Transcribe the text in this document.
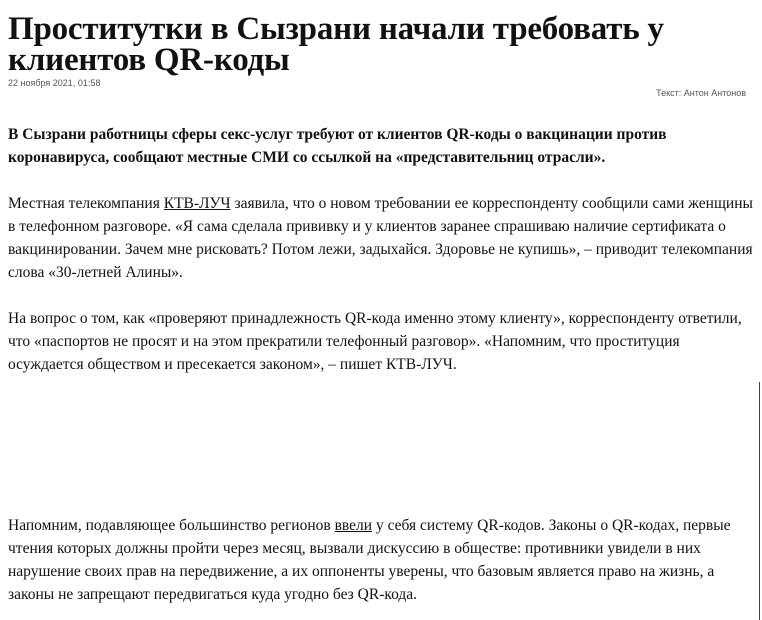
Проститутки в Сызрани начали требовать у клиентов QR-коды
22 ноября 2021, 01:58
Текст: Антон Антонов

В Сызрани работницы сферы секс-услуг требуют от клиентов QR-коды о вакцинации против коронавируса, сообщают местные СМИ со ссылкой на «представительниц отрасли».

Местная телекомпания КТВ-ЛУЧ заявила, что о новом требовании ее корреспонденту сообщили сами женщины в телефонном разговоре. «Я сама сделала прививку и у клиентов заранее спрашиваю наличие сертификата о вакцинировании. Зачем мне рисковать? Потом лежи, задыхайся. Здоровье не купишь», – приводит телекомпания слова «30-летней Алины».

На вопрос о том, как «проверяют принадлежность QR-кода именно этому клиенту», корреспонденту ответили, что «паспортов не просят и на этом прекратили телефонный разговор». «Напомним, что проституция осуждается обществом и пресекается законом», – пишет КТВ-ЛУЧ.

Напомним, подавляющее большинство регионов ввели у себя систему QR-кодов. Законы о QR-кодах, первые чтения которых должны пройти через месяц, вызвали дискуссию в обществе: противники увидели в них нарушение своих прав на передвижение, а их оппоненты уверены, что базовым является право на жизнь, а законы не запрещают передвигаться куда угодно без QR-кода.
